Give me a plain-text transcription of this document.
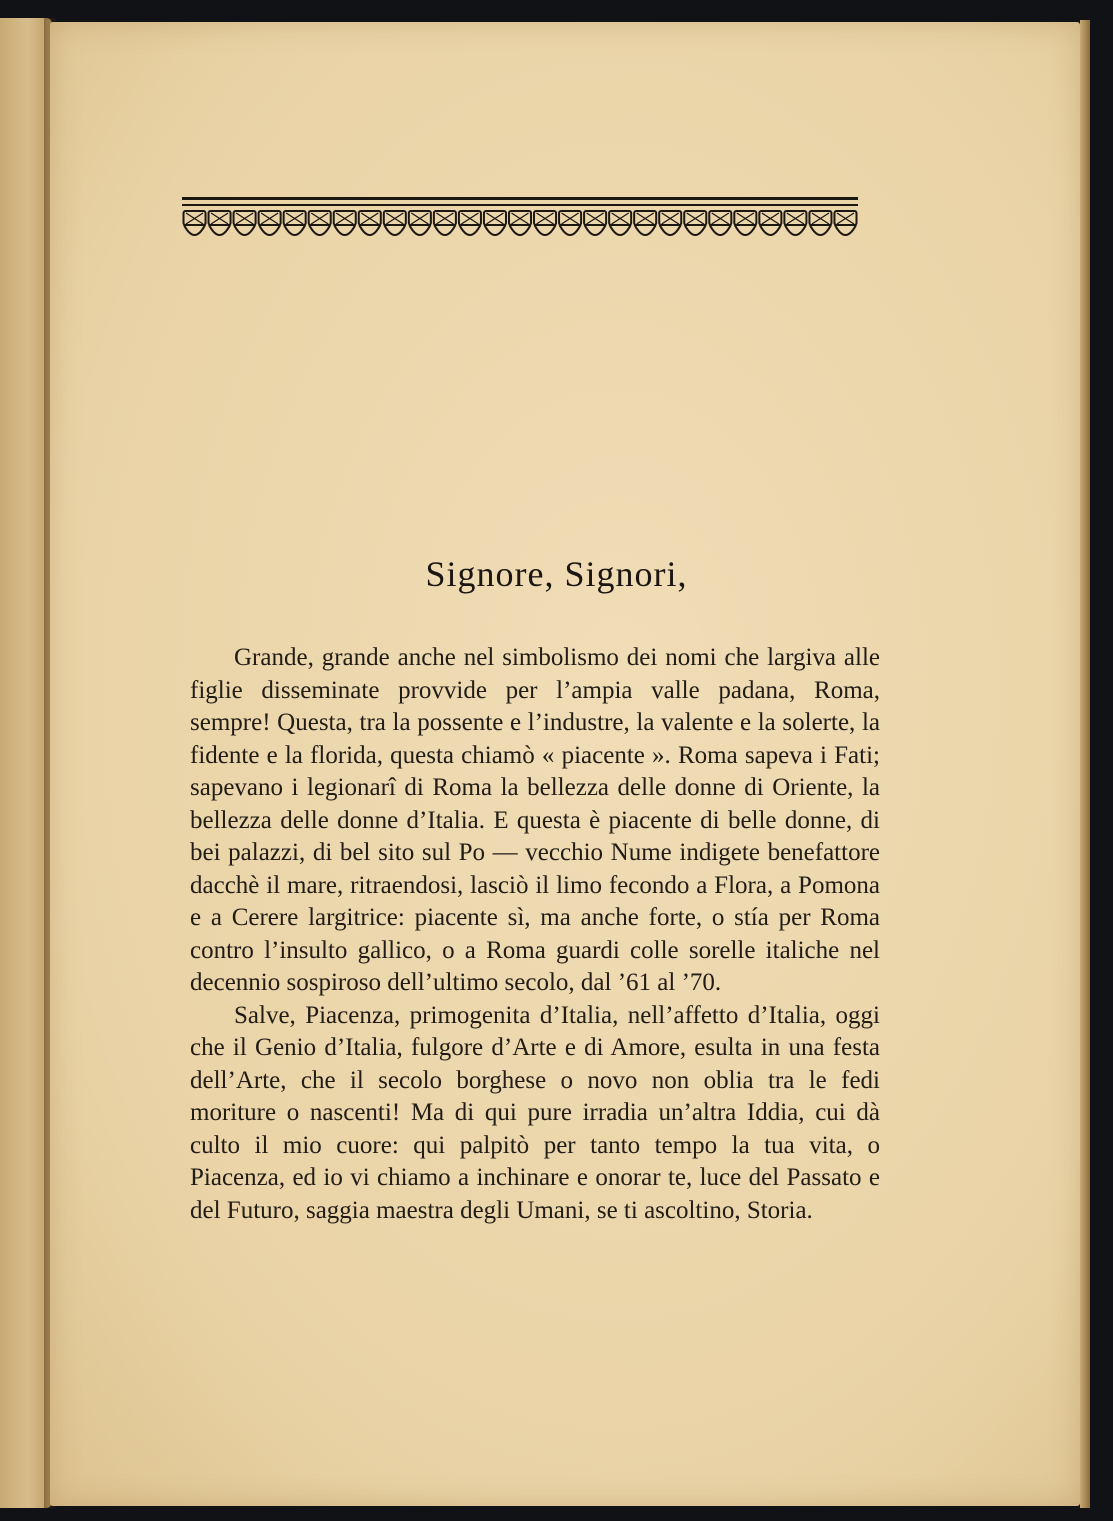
Signore, Signori,

Grande, grande anche nel simbolismo dei nomi che largiva alle figlie disseminate provvide per l’ampia valle padana, Roma, sempre! Questa, tra la possente e l’industre, la valente e la solerte, la fidente e la florida, questa chiamò « piacente ». Roma sapeva i Fati; sapevano i legionarî di Roma la bellezza delle donne di Oriente, la bellezza delle donne d’Italia. E questa è piacente di belle donne, di bei palazzi, di bel sito sul Po — vecchio Nume indigete benefattore dacchè il mare, ritraendosi, lasciò il limo fecondo a Flora, a Pomona e a Cerere largitrice: piacente sì, ma anche forte, o stía per Roma contro l’insulto gallico, o a Roma guardi colle sorelle italiche nel decennio sospiroso dell’ultimo secolo, dal ’61 al ’70.

Salve, Piacenza, primogenita d’Italia, nell’affetto d’Italia, oggi che il Genio d’Italia, fulgore d’Arte e di Amore, esulta in una festa dell’Arte, che il secolo borghese o novo non oblia tra le fedi moriture o nascenti! Ma di qui pure irradia un’altra Iddia, cui dà culto il mio cuore: qui palpitò per tanto tempo la tua vita, o Piacenza, ed io vi chiamo a inchinare e onorar te, luce del Passato e del Futuro, saggia maestra degli Umani, se ti ascoltino, Storia.
